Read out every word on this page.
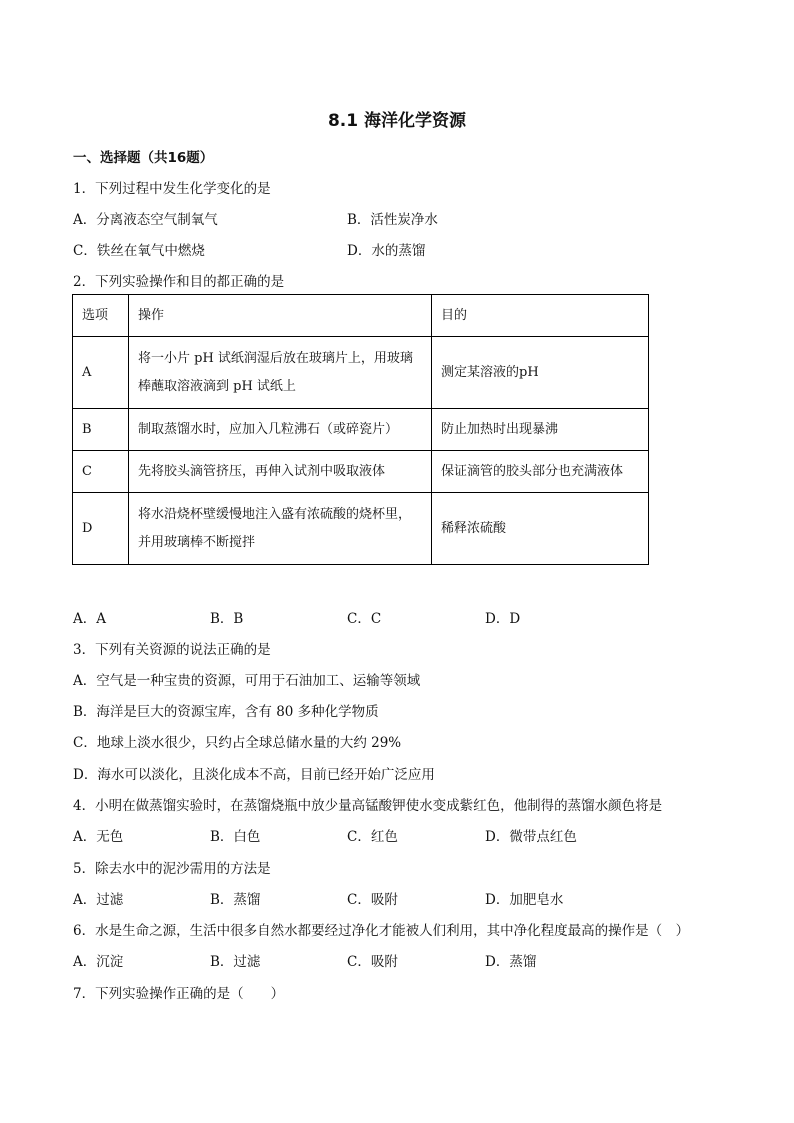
8.1 海洋化学资源
一、选择题（共16题）
1．下列过程中发生化学变化的是
A．分离液态空气制氧气	B．活性炭净水
C．铁丝在氧气中燃烧	D．水的蒸馏
2．下列实验操作和目的都正确的是
选项	操作	目的
A	将一小片 pH 试纸润湿后放在玻璃片上，用玻璃棒蘸取溶液滴到 pH 试纸上	测定某溶液的pH
B	制取蒸馏水时，应加入几粒沸石（或碎瓷片）	防止加热时出现暴沸
C	先将胶头滴管挤压，再伸入试剂中吸取液体	保证滴管的胶头部分也充满液体
D	将水沿烧杯壁缓慢地注入盛有浓硫酸的烧杯里，并用玻璃棒不断搅拌	稀释浓硫酸
A．A	B．B	C．C	D．D
3．下列有关资源的说法正确的是
A．空气是一种宝贵的资源，可用于石油加工、运输等领域
B．海洋是巨大的资源宝库，含有 80 多种化学物质
C．地球上淡水很少，只约占全球总储水量的大约 29%
D．海水可以淡化，且淡化成本不高，目前已经开始广泛应用
4．小明在做蒸馏实验时，在蒸馏烧瓶中放少量高锰酸钾使水变成紫红色，他制得的蒸馏水颜色将是
A．无色	B．白色	C．红色	D．微带点红色
5．除去水中的泥沙需用的方法是
A．过滤	B．蒸馏	C．吸附	D．加肥皂水
6．水是生命之源，生活中很多自然水都要经过净化才能被人们利用，其中净化程度最高的操作是（　）
A．沉淀	B．过滤	C．吸附	D．蒸馏
7．下列实验操作正确的是（　　）
